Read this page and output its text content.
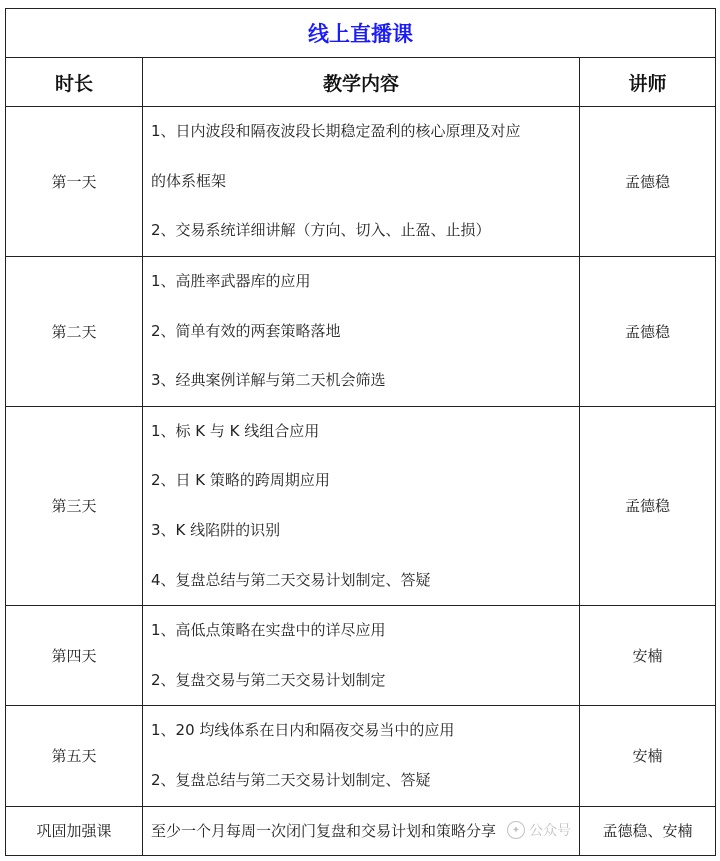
线上直播课		
时长	教学内容	讲师
第一天	1、日内波段和隔夜波段长期稳定盈利的核心原理及对应
的体系框架
2、交易系统详细讲解（方向、切入、止盈、止损）	孟德稳
第二天	1、高胜率武器库的应用
2、简单有效的两套策略落地
3、经典案例详解与第二天机会筛选	孟德稳
第三天	1、标 K 与 K 线组合应用
2、日 K 策略的跨周期应用
3、K 线陷阱的识别
4、复盘总结与第二天交易计划制定、答疑	孟德稳
第四天	1、高低点策略在实盘中的详尽应用
2、复盘交易与第二天交易计划制定	安楠
第五天	1、20 均线体系在日内和隔夜交易当中的应用
2、复盘总结与第二天交易计划制定、答疑	安楠
巩固加强课	至少一个月每周一次闭门复盘和交易计划和策略分享	孟德稳、安楠
✦ 公众号
